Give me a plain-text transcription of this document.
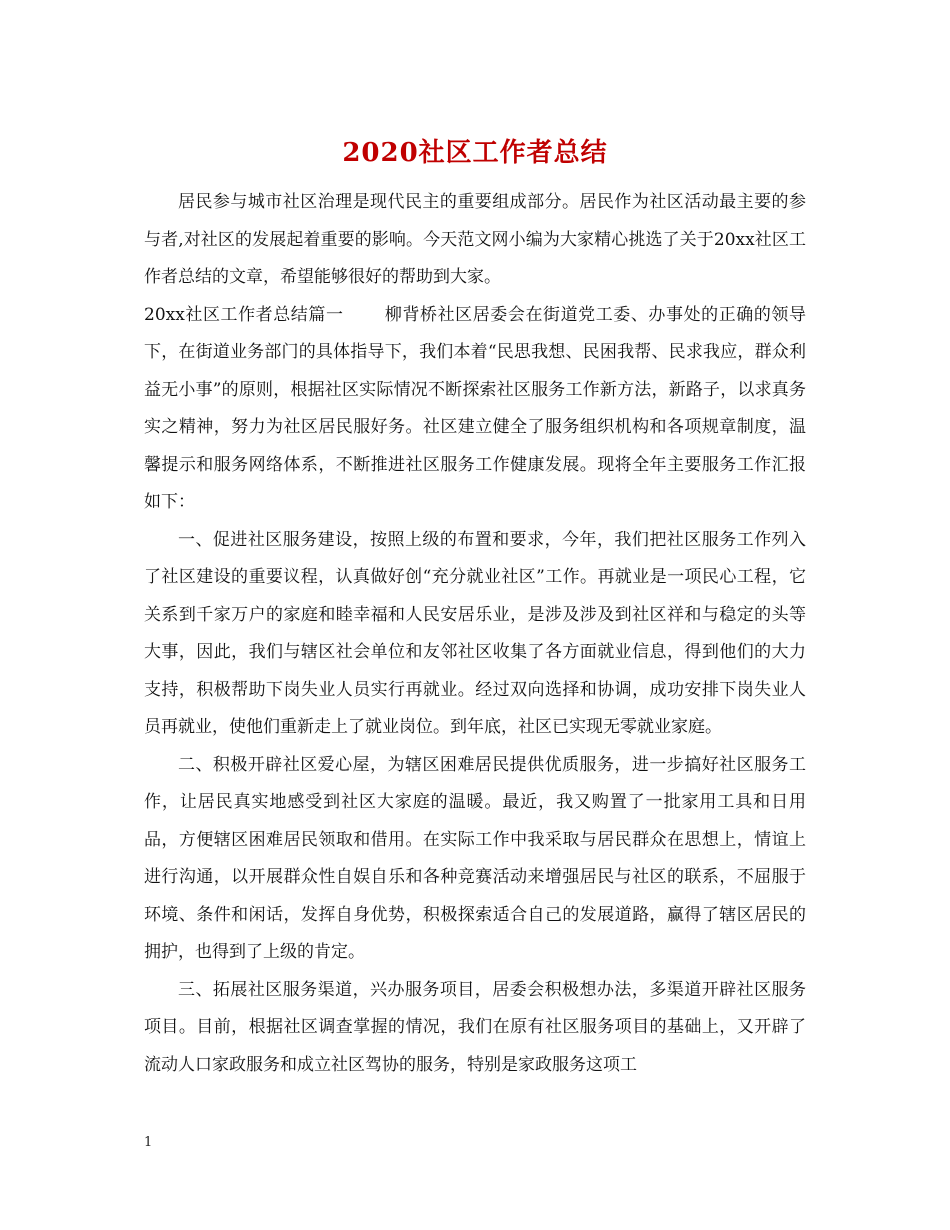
2020社区工作者总结

居民参与城市社区治理是现代民主的重要组成部分。居民作为社区活动最主要的参与者,对社区的发展起着重要的影响。今天范文网小编为大家精心挑选了关于20xx社区工作者总结的文章，希望能够很好的帮助到大家。

20xx社区工作者总结篇一 柳背桥社区居委会在街道党工委、办事处的正确的领导下，在街道业务部门的具体指导下，我们本着“民思我想、民困我帮、民求我应，群众利益无小事”的原则，根据社区实际情况不断探索社区服务工作新方法，新路子，以求真务实之精神，努力为社区居民服好务。社区建立健全了服务组织机构和各项规章制度，温馨提示和服务网络体系，不断推进社区服务工作健康发展。现将全年主要服务工作汇报如下：

一、促进社区服务建设，按照上级的布置和要求，今年，我们把社区服务工作列入了社区建设的重要议程，认真做好创“充分就业社区”工作。再就业是一项民心工程，它关系到千家万户的家庭和睦幸福和人民安居乐业，是涉及涉及到社区祥和与稳定的头等大事，因此，我们与辖区社会单位和友邻社区收集了各方面就业信息，得到他们的大力支持，积极帮助下岗失业人员实行再就业。经过双向选择和协调，成功安排下岗失业人员再就业，使他们重新走上了就业岗位。到年底，社区已实现无零就业家庭。

二、积极开辟社区爱心屋，为辖区困难居民提供优质服务，进一步搞好社区服务工作，让居民真实地感受到社区大家庭的温暖。最近，我又购置了一批家用工具和日用品，方便辖区困难居民领取和借用。在实际工作中我采取与居民群众在思想上，情谊上进行沟通，以开展群众性自娱自乐和各种竞赛活动来增强居民与社区的联系，不屈服于环境、条件和闲话，发挥自身优势，积极探索适合自己的发展道路，赢得了辖区居民的拥护，也得到了上级的肯定。

三、拓展社区服务渠道，兴办服务项目，居委会积极想办法，多渠道开辟社区服务项目。目前，根据社区调查掌握的情况，我们在原有社区服务项目的基础上，又开辟了流动人口家政服务和成立社区驾协的服务，特别是家政服务这项工

1
